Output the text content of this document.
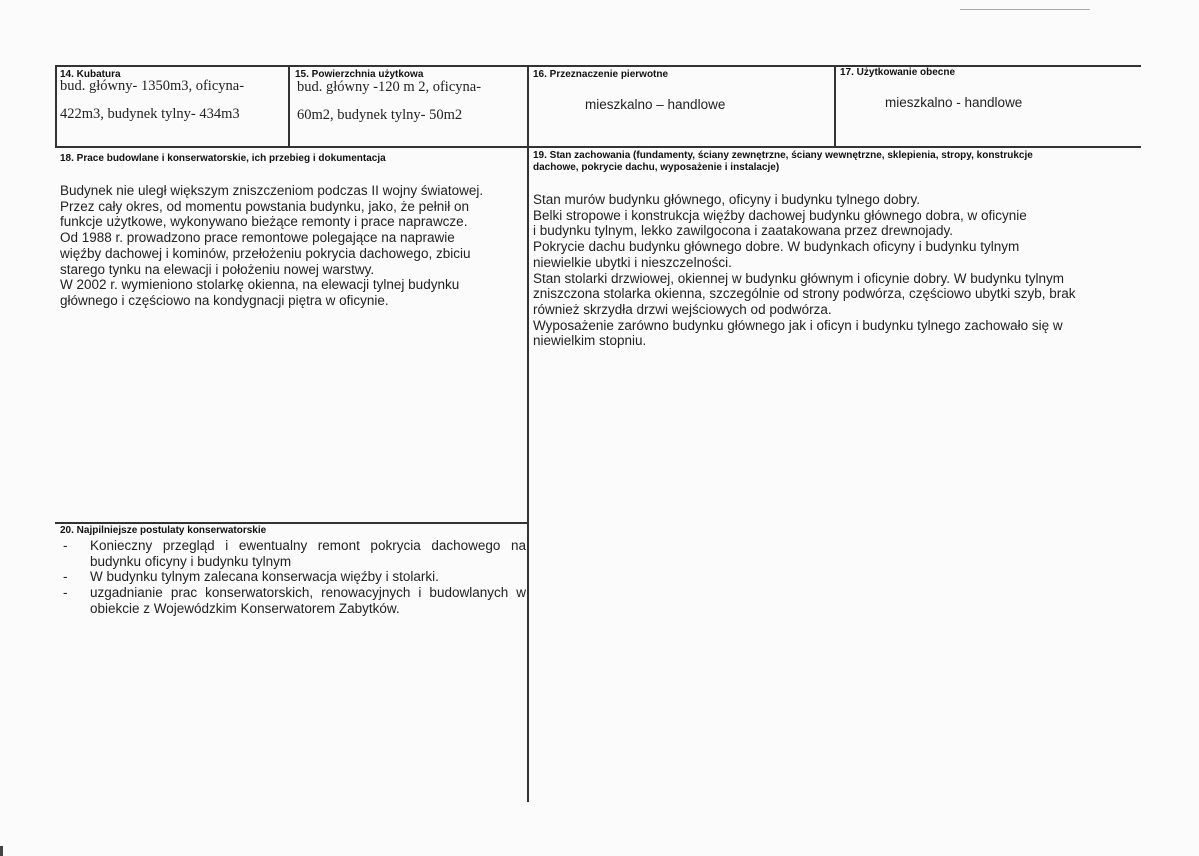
14. Kubatura
bud. główny- 1350m3, oficyna-
422m3, budynek tylny- 434m3
15. Powierzchnia użytkowa
bud. główny -120 m 2, oficyna-
60m2, budynek tylny- 50m2
16. Przeznaczenie pierwotne
mieszkalno – handlowe
17. Użytkowanie obecne
mieszkalno - handlowe
18. Prace budowlane i konserwatorskie, ich przebieg i dokumentacja
Budynek nie uległ większym zniszczeniom podczas II wojny światowej.
Przez cały okres, od momentu powstania budynku, jako, że pełnił on
funkcje użytkowe, wykonywano bieżące remonty i prace naprawcze.
Od 1988 r. prowadzono prace remontowe polegające na naprawie
więźby dachowej i kominów, przełożeniu pokrycia dachowego, zbiciu
starego tynku na elewacji i położeniu nowej warstwy.
W 2002 r. wymieniono stolarkę okienna, na elewacji tylnej budynku
głównego i częściowo na kondygnacji piętra w oficynie.
19. Stan zachowania (fundamenty, ściany zewnętrzne, ściany wewnętrzne, sklepienia, stropy, konstrukcje dachowe, pokrycie dachu, wyposażenie i instalacje)
Stan murów budynku głównego, oficyny i budynku tylnego dobry.
Belki stropowe i konstrukcja więźby dachowej budynku głównego dobra, w oficynie
i budynku tylnym, lekko zawilgocona i zaatakowana przez drewnojady.
Pokrycie dachu budynku głównego dobre. W budynkach oficyny i budynku tylnym
niewielkie ubytki i nieszczelności.
Stan stolarki drzwiowej, okiennej w budynku głównym i oficynie dobry. W budynku tylnym
zniszczona stolarka okienna, szczególnie od strony podwórza, częściowo ubytki szyb, brak
również skrzydła drzwi wejściowych od podwórza.
Wyposażenie zarówno budynku głównego jak i oficyn i budynku tylnego zachowało się w
niewielkim stopniu.
20. Najpilniejsze postulaty konserwatorskie
- Konieczny przegląd i ewentualny remont pokrycia dachowego na budynku oficyny i budynku tylnym
- W budynku tylnym zalecana konserwacja więźby i stolarki.
- uzgadnianie prac konserwatorskich, renowacyjnych i budowlanych w obiekcie z Wojewódzkim Konserwatorem Zabytków.
